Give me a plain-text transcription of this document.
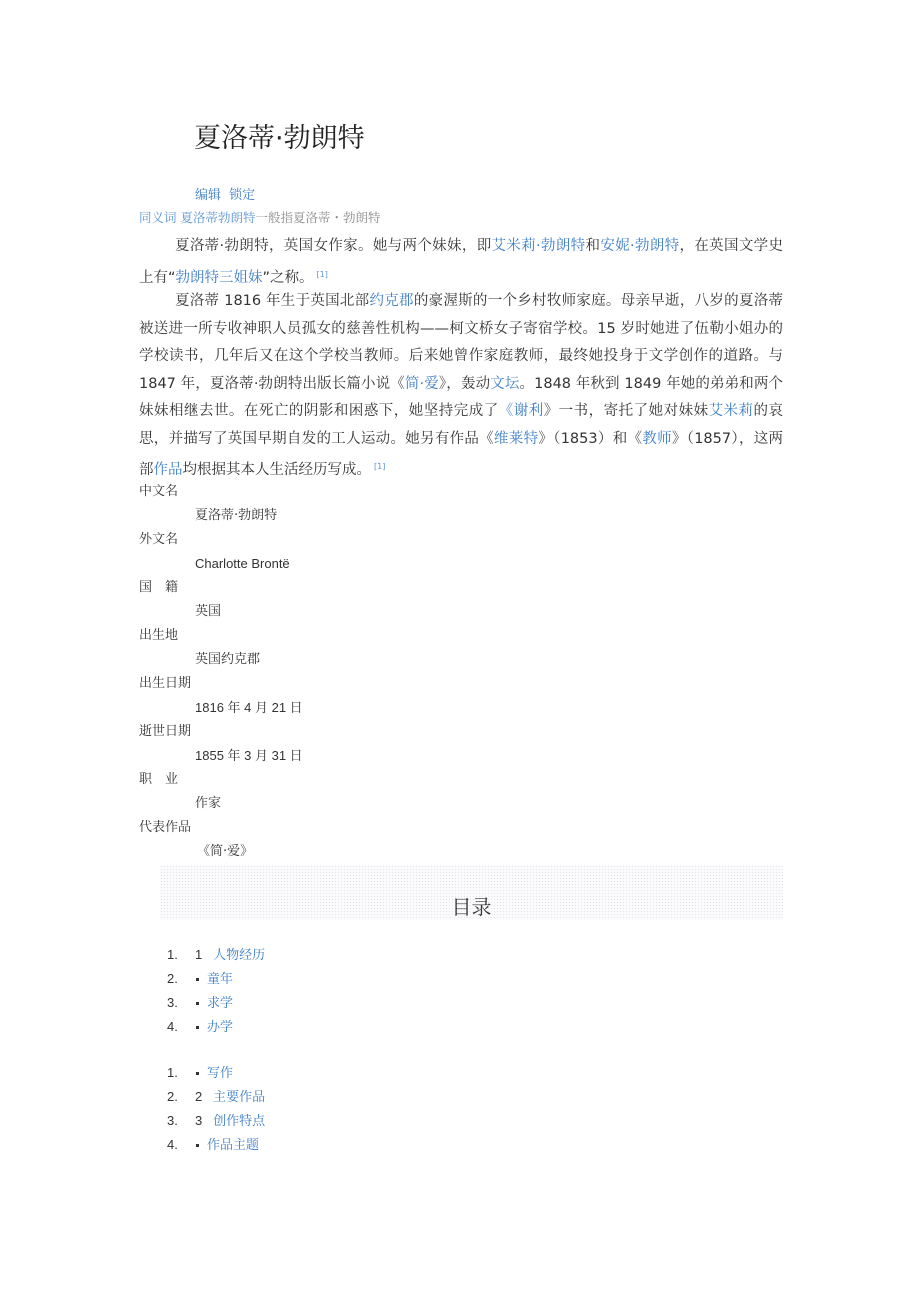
夏洛蒂·勃朗特
编辑 锁定
同义词 夏洛蒂勃朗特一般指夏洛蒂・勃朗特

夏洛蒂·勃朗特，英国女作家。她与两个妹妹，即艾米莉·勃朗特和安妮·勃朗特，在英国文学史上有“勃朗特三姐妹”之称。 [1]

夏洛蒂 1816 年生于英国北部约克郡的豪渥斯的一个乡村牧师家庭。母亲早逝，八岁的夏洛蒂被送进一所专收神职人员孤女的慈善性机构——柯文桥女子寄宿学校。15 岁时她进了伍勒小姐办的学校读书，几年后又在这个学校当教师。后来她曾作家庭教师，最终她投身于文学创作的道路。与 1847 年，夏洛蒂·勃朗特出版长篇小说《简·爱》，轰动文坛。1848 年秋到 1849 年她的弟弟和两个妹妹相继去世。在死亡的阴影和困惑下，她坚持完成了《谢利》一书，寄托了她对妹妹艾米莉的哀思，并描写了英国早期自发的工人运动。她另有作品《维莱特》（1853）和《教师》（1857），这两部作品均根据其本人生活经历写成。 [1]

中文名
夏洛蒂·勃朗特
外文名
Charlotte Brontë
国　籍
英国
出生地
英国约克郡
出生日期
1816 年 4 月 21 日
逝世日期
1855 年 3 月 31 日
职　业
作家
代表作品
《简·爱》
目录
1. 1 人物经历
2. 童年
3. 求学
4. 办学
1. 写作
2. 2 主要作品
3. 3 创作特点
4. 作品主题
